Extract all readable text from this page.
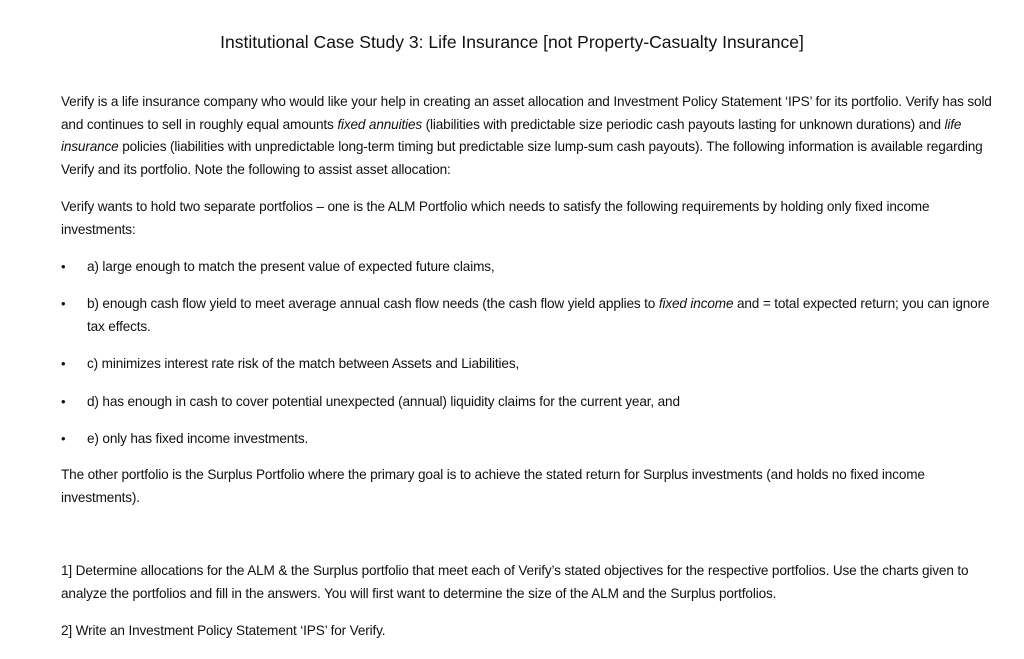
Institutional Case Study 3: Life Insurance [not Property-Casualty Insurance]

Verify is a life insurance company who would like your help in creating an asset allocation and Investment Policy Statement ‘IPS’ for its portfolio. Verify has sold and continues to sell in roughly equal amounts fixed annuities (liabilities with predictable size periodic cash payouts lasting for unknown durations) and life insurance policies (liabilities with unpredictable long-term timing but predictable size lump-sum cash payouts). The following information is available regarding Verify and its portfolio. Note the following to assist asset allocation:

Verify wants to hold two separate portfolios – one is the ALM Portfolio which needs to satisfy the following requirements by holding only fixed income investments:

•	a) large enough to match the present value of expected future claims,
•	b) enough cash flow yield to meet average annual cash flow needs (the cash flow yield applies to fixed income and = total expected return; you can ignore tax effects.
•	c) minimizes interest rate risk of the match between Assets and Liabilities,
•	d) has enough in cash to cover potential unexpected (annual) liquidity claims for the current year, and
•	e) only has fixed income investments.

The other portfolio is the Surplus Portfolio where the primary goal is to achieve the stated return for Surplus investments (and holds no fixed income investments).

1] Determine allocations for the ALM & the Surplus portfolio that meet each of Verify’s stated objectives for the respective portfolios. Use the charts given to analyze the portfolios and fill in the answers. You will first want to determine the size of the ALM and the Surplus portfolios.

2] Write an Investment Policy Statement ‘IPS’ for Verify.
